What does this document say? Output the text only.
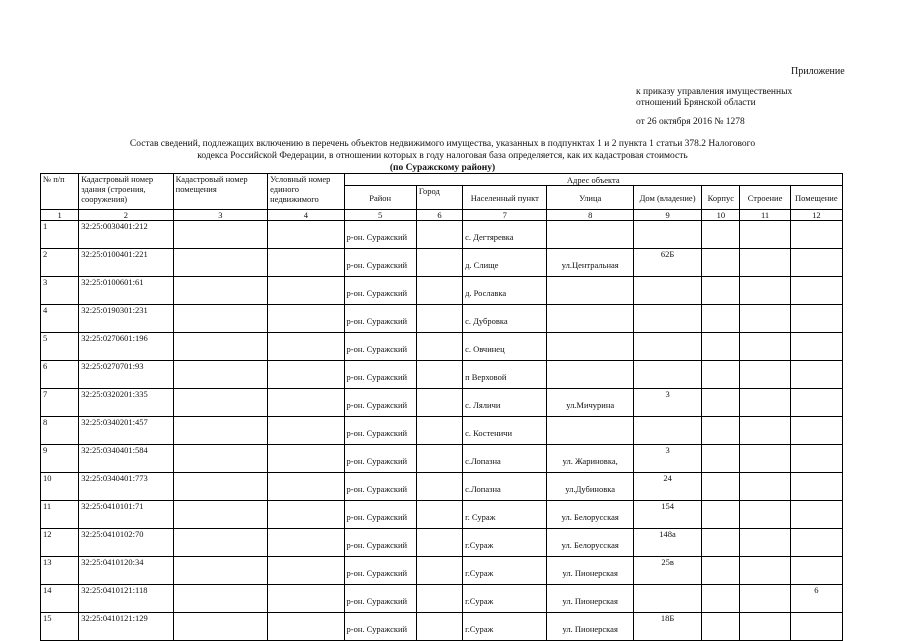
Приложение
к приказу управления имущественных
отношений Брянской области
от 26 октября 2016 № 1278
Состав сведений, подлежащих включению в перечень объектов недвижимого имущества, указанных в подпунктах 1 и 2 пункта 1 статьи 378.2 Налогового
кодекса Российской Федерации, в отношении которых в году налоговая база определяется, как их кадастровая стоимость
(по Суражскому району)
№ п/п	Кадастровый номер здания (строения, сооружения)	Кадастровый номер помещения	Условный номер единого недвижимого	Адрес объекта							
				Район	Город	Населенный пункт	Улица	Дом (владение)	Корпус	Строение	Помещение
1	2	3	4	5	6	7	8	9	10	11	12
1	32:25:0030401:212			р-он. Суражский		с. Дегтяревка					
2	32:25:0100401:221			р-он. Суражский		д. Слище	ул.Центральная	62Б			
3	32:25:0100601:61			р-он. Суражский		д. Рославка					
4	32:25:0190301:231			р-он. Суражский		с. Дубровка					
5	32:25:0270601:196			р-он. Суражский		с. Овчинец					
6	32:25:0270701:93			р-он. Суражский		п Верховой					
7	32:25:0320201:335			р-он. Суражский		с. Ляличи	ул.Мичурина	3			
8	32:25:0340201:457			р-он. Суражский		с. Костеничи					
9	32:25:0340401:584			р-он. Суражский		с.Лопазна	ул. Жариновка,	3			
10	32:25:0340401:773			р-он. Суражский		с.Лопазна	ул.Дубиновка	24			
11	32:25:0410101:71			р-он. Суражский		г. Сураж	ул. Белорусская	154			
12	32:25:0410102:70			р-он. Суражский		г.Сураж	ул. Белорусская	148а			
13	32:25:0410120:34			р-он. Суражский		г.Сураж	ул. Пионерская	25в			
14	32:25:0410121:118			р-он. Суражский		г.Сураж	ул. Пионерская				6
15	32:25:0410121:129			р-он. Суражский		г.Сураж	ул. Пионерская	18Б			
